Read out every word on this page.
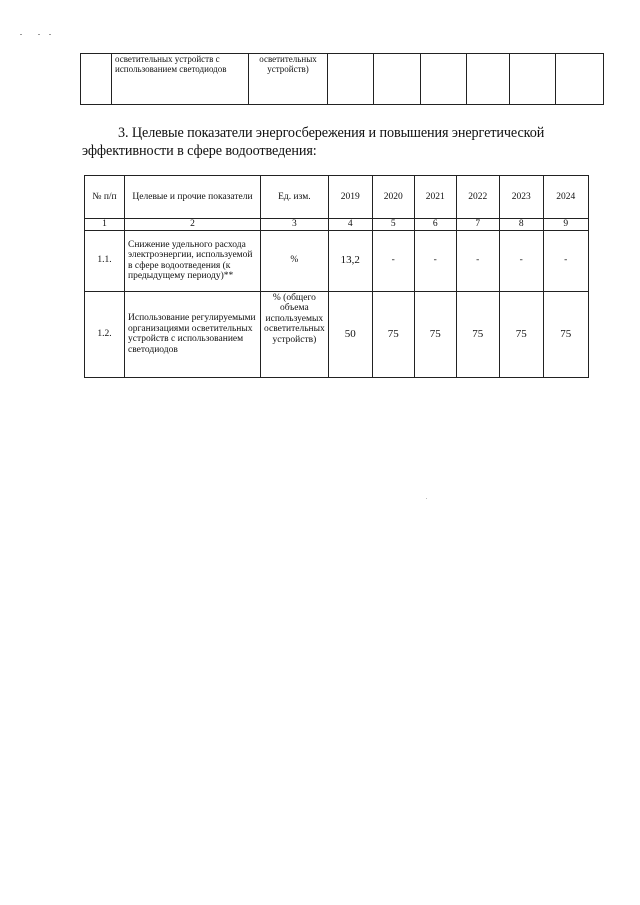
	осветительных устройств с использованием светодиодов	осветительных устройств)						

3. Целевые показатели энергосбережения и повышения энергетической эффективности в сфере водоотведения:

№ п/п	Целевые и прочие показатели	Ед. изм.	2019	2020	2021	2022	2023	2024
1	2	3	4	5	6	7	8	9
1.1.	Снижение удельного расхода электроэнергии, используемой в сфере водоотведения (к предыдущему периоду)**	%	13,2	-	-	-	-	-
1.2.	Использование регулируемыми организациями осветительных устройств с использованием светодиодов	% (общего объема используемых осветительных устройств)	50	75	75	75	75	75
